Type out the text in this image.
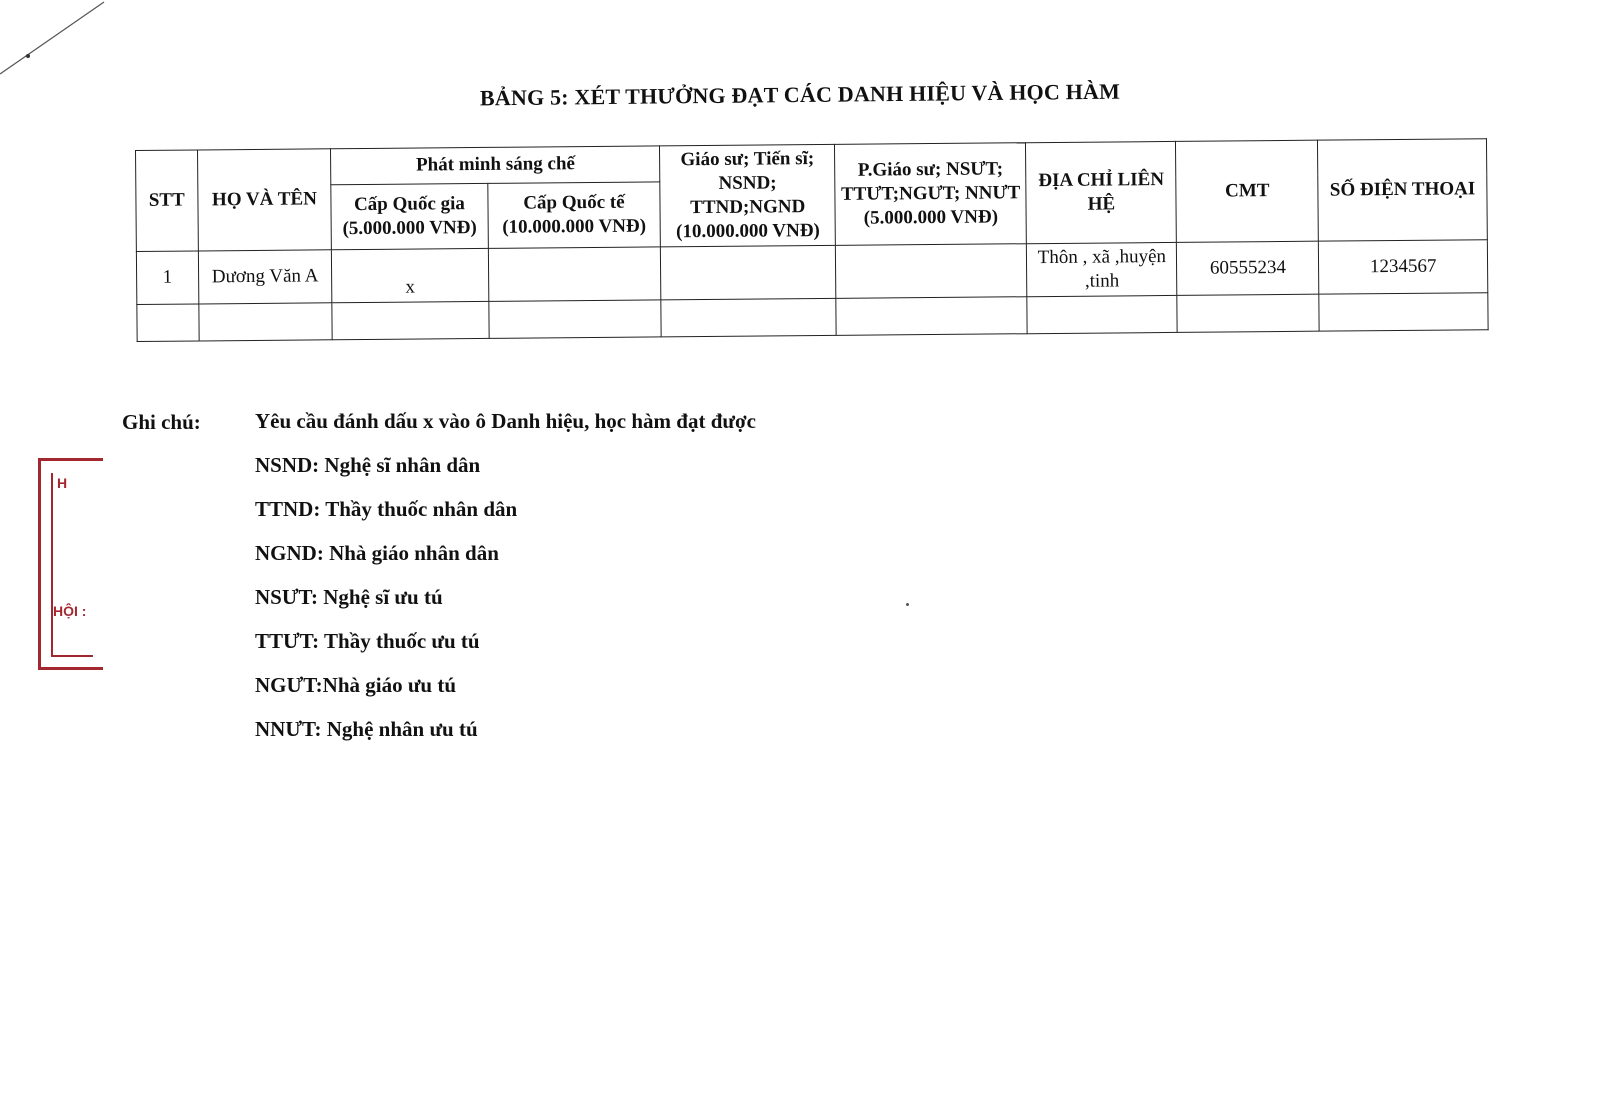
BẢNG 5: XÉT THƯỞNG ĐẠT CÁC DANH HIỆU VÀ HỌC HÀM
STT	HỌ VÀ TÊN	Phát minh sáng chế		Giáo sư; Tiến sĩ; NSND; TTND;NGND (10.000.000 VNĐ)	P.Giáo sư; NSƯT; TTƯT;NGƯT; NNƯT (5.000.000 VNĐ)	ĐỊA CHỈ LIÊN HỆ	CMT	SỐ ĐIỆN THOẠI
		Cấp Quốc gia (5.000.000 VNĐ)	Cấp Quốc tế (10.000.000 VNĐ)					
1	Dương Văn A	x				Thôn , xã ,huyện ,tinh	60555234	1234567

Ghi chú:	Yêu cầu đánh dấu x vào ô Danh hiệu, học hàm đạt được
NSND: Nghệ sĩ nhân dân
TTND: Thầy thuốc nhân dân
NGND: Nhà giáo nhân dân
NSƯT: Nghệ sĩ ưu tú
TTƯT: Thầy thuốc ưu tú
NGƯT:Nhà giáo ưu tú
NNƯT: Nghệ nhân ưu tú
H
HỘI :
